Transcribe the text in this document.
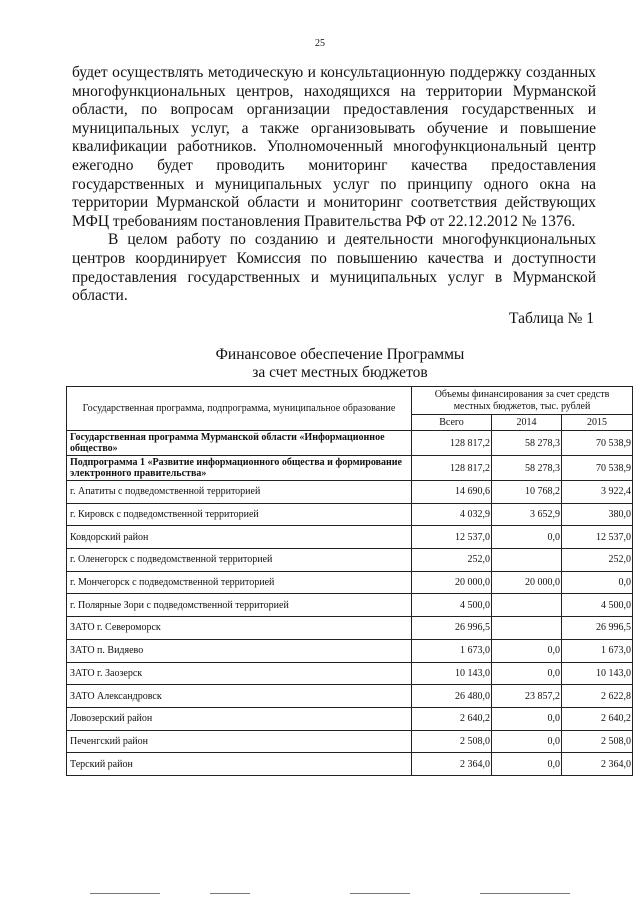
25

будет осуществлять методическую и консультационную поддержку созданных многофункциональных центров, находящихся на территории Мурманской области, по вопросам организации предоставления государственных и муниципальных услуг, а также организовывать обучение и повышение квалификации работников. Уполномоченный многофункциональный центр ежегодно будет проводить мониторинг качества предоставления государственных и муниципальных услуг по принципу одного окна на территории Мурманской области и мониторинг соответствия действующих МФЦ требованиям постановления Правительства РФ от 22.12.2012 № 1376.

В целом работу по созданию и деятельности многофункциональных центров координирует Комиссия по повышению качества и доступности предоставления государственных и муниципальных услуг в Мурманской области.

Таблица № 1
Финансовое обеспечение Программы
за счет местных бюджетов
Государственная программа, подпрограмма, муниципальное образование	Объемы финансирования за счет средств местных бюджетов, тыс. рублей		
	Всего	2014	2015
Государственная программа Мурманской области «Информационное общество»	128 817,2	58 278,3	70 538,9
Подпрограмма 1 «Развитие информационного общества и формирование электронного правительства»	128 817,2	58 278,3	70 538,9
г. Апатиты с подведомственной территорией	14 690,6	10 768,2	3 922,4
г. Кировск с подведомственной территорией	4 032,9	3 652,9	380,0
Ковдорский район	12 537,0	0,0	12 537,0
г. Оленегорск с подведомственной территорией	252,0		252,0
г. Мончегорск с подведомственной территорией	20 000,0	20 000,0	0,0
г. Полярные Зори с подведомственной территорией	4 500,0		4 500,0
ЗАТО г. Североморск	26 996,5		26 996,5
ЗАТО п. Видяево	1 673,0	0,0	1 673,0
ЗАТО г. Заозерск	10 143,0	0,0	10 143,0
ЗАТО Александровск	26 480,0	23 857,2	2 622,8
Ловозерский район	2 640,2	0,0	2 640,2
Печенгский район	2 508,0	0,0	2 508,0
Терский район	2 364,0	0,0	2 364,0
